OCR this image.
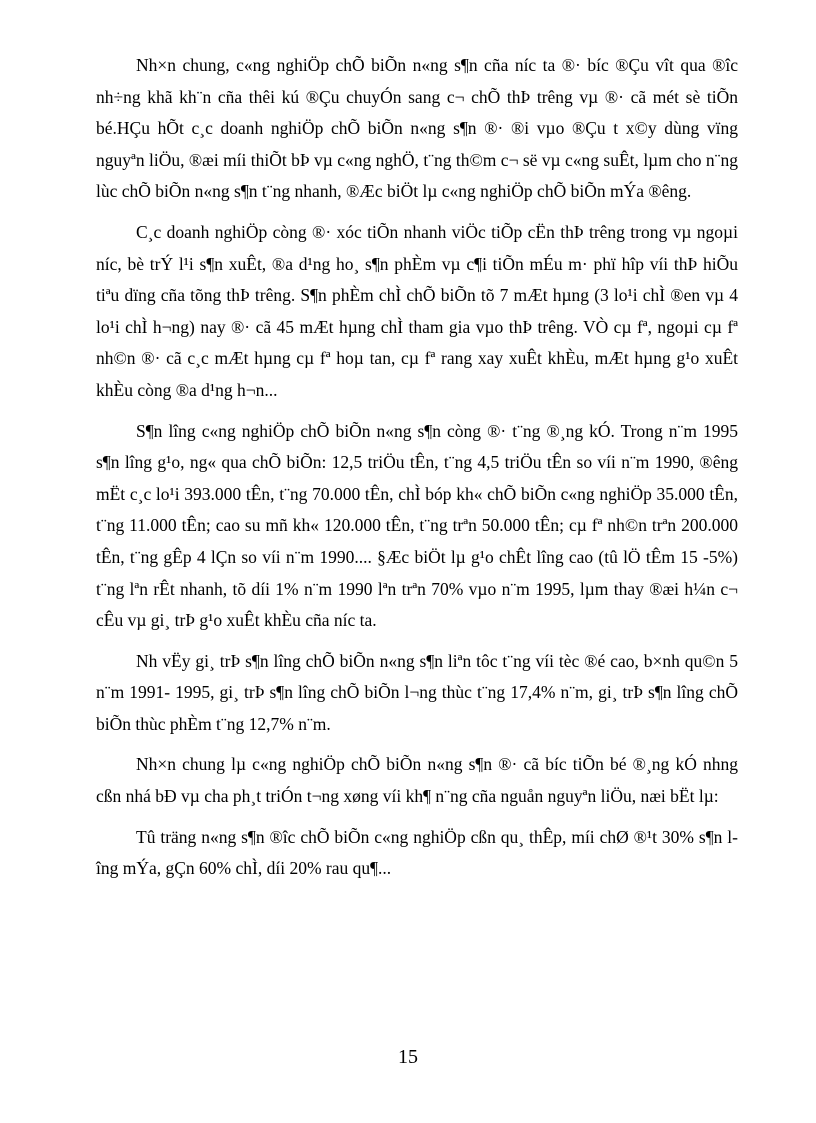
Nh×n chung, c«ng nghiÖp chÕ biÕn n«ng s¶n cña níc ta ®· bíc ®Çu vît qua ®îc nh÷ng khã kh¨n cña thêi kú ®Çu chuyÓn sang c¬ chÕ thÞ trêng vµ ®· cã mét sè tiÕn bé.HÇu hÕt c¸c doanh nghiÖp chÕ biÕn n«ng s¶n ®· ®i vµo ®Çu t x©y dùng vïng nguyªn liÖu, ®æi míi thiÕt bÞ vµ c«ng nghÖ, t¨ng th©m c¬ së vµ c«ng suÊt, lµm cho n¨ng lùc chÕ biÕn n«ng s¶n t¨ng nhanh, ®Æc biÖt lµ c«ng nghiÖp chÕ biÕn mÝa ®êng.

C¸c doanh nghiÖp còng ®· xóc tiÕn nhanh viÖc tiÕp cËn thÞ trêng trong vµ ngoµi níc, bè trÝ l¹i s¶n xuÊt, ®a d¹ng ho¸ s¶n phÈm vµ c¶i tiÕn mÉu m· phï hîp víi thÞ hiÕu tiªu dïng cña tõng thÞ trêng. S¶n phÈm chÌ chÕ biÕn tõ 7 mÆt hµng (3 lo¹i chÌ ®en vµ 4 lo¹i chÌ h¬ng) nay ®· cã 45 mÆt hµng chÌ tham gia vµo thÞ trêng. VÒ cµ fª, ngoµi cµ fª nh©n ®· cã c¸c mÆt hµng cµ fª hoµ tan, cµ fª rang xay xuÊt khÈu, mÆt hµng g¹o xuÊt khÈu còng ®a d¹ng h¬n...

S¶n lîng c«ng nghiÖp chÕ biÕn n«ng s¶n còng ®· t¨ng ®¸ng kÓ. Trong n¨m 1995 s¶n lîng g¹o, ng« qua chÕ biÕn: 12,5 triÖu tÊn, t¨ng 4,5 triÖu tÊn so víi n¨m 1990, ®êng mËt c¸c lo¹i 393.000 tÊn, t¨ng 70.000 tÊn, chÌ bóp kh« chÕ biÕn c«ng nghiÖp 35.000 tÊn, t¨ng 11.000 tÊn; cao su mñ kh« 120.000 tÊn, t¨ng trªn 50.000 tÊn; cµ fª nh©n trªn 200.000 tÊn, t¨ng gÊp 4 lÇn so víi n¨m 1990.... §Æc biÖt lµ g¹o chÊt lîng cao (tû lÖ tÊm 15 -5%) t¨ng lªn rÊt nhanh, tõ díi 1% n¨m 1990 lªn trªn 70% vµo n¨m 1995, lµm thay ®æi h¼n c¬ cÊu vµ gi¸ trÞ g¹o xuÊt khÈu cña níc ta.

Nh vËy gi¸ trÞ s¶n lîng chÕ biÕn n«ng s¶n liªn tôc t¨ng víi tèc ®é cao, b×nh qu©n 5 n¨m 1991- 1995, gi¸ trÞ s¶n lîng chÕ biÕn l¬ng thùc t¨ng 17,4% n¨m, gi¸ trÞ s¶n lîng chÕ biÕn thùc phÈm t¨ng 12,7% n¨m.

Nh×n chung lµ c«ng nghiÖp chÕ biÕn n«ng s¶n ®· cã bíc tiÕn bé ®¸ng kÓ nhng cßn nhá bÐ vµ cha ph¸t triÓn t¬ng xøng víi kh¶ n¨ng cña nguån nguyªn liÖu, næi bËt lµ:

Tû träng n«ng s¶n ®îc chÕ biÕn c«ng nghiÖp cßn qu¸ thÊp, míi chØ ®¹t 30% s¶n lîng mÝa, gÇn 60% chÌ, díi 20% rau qu¶...

15
